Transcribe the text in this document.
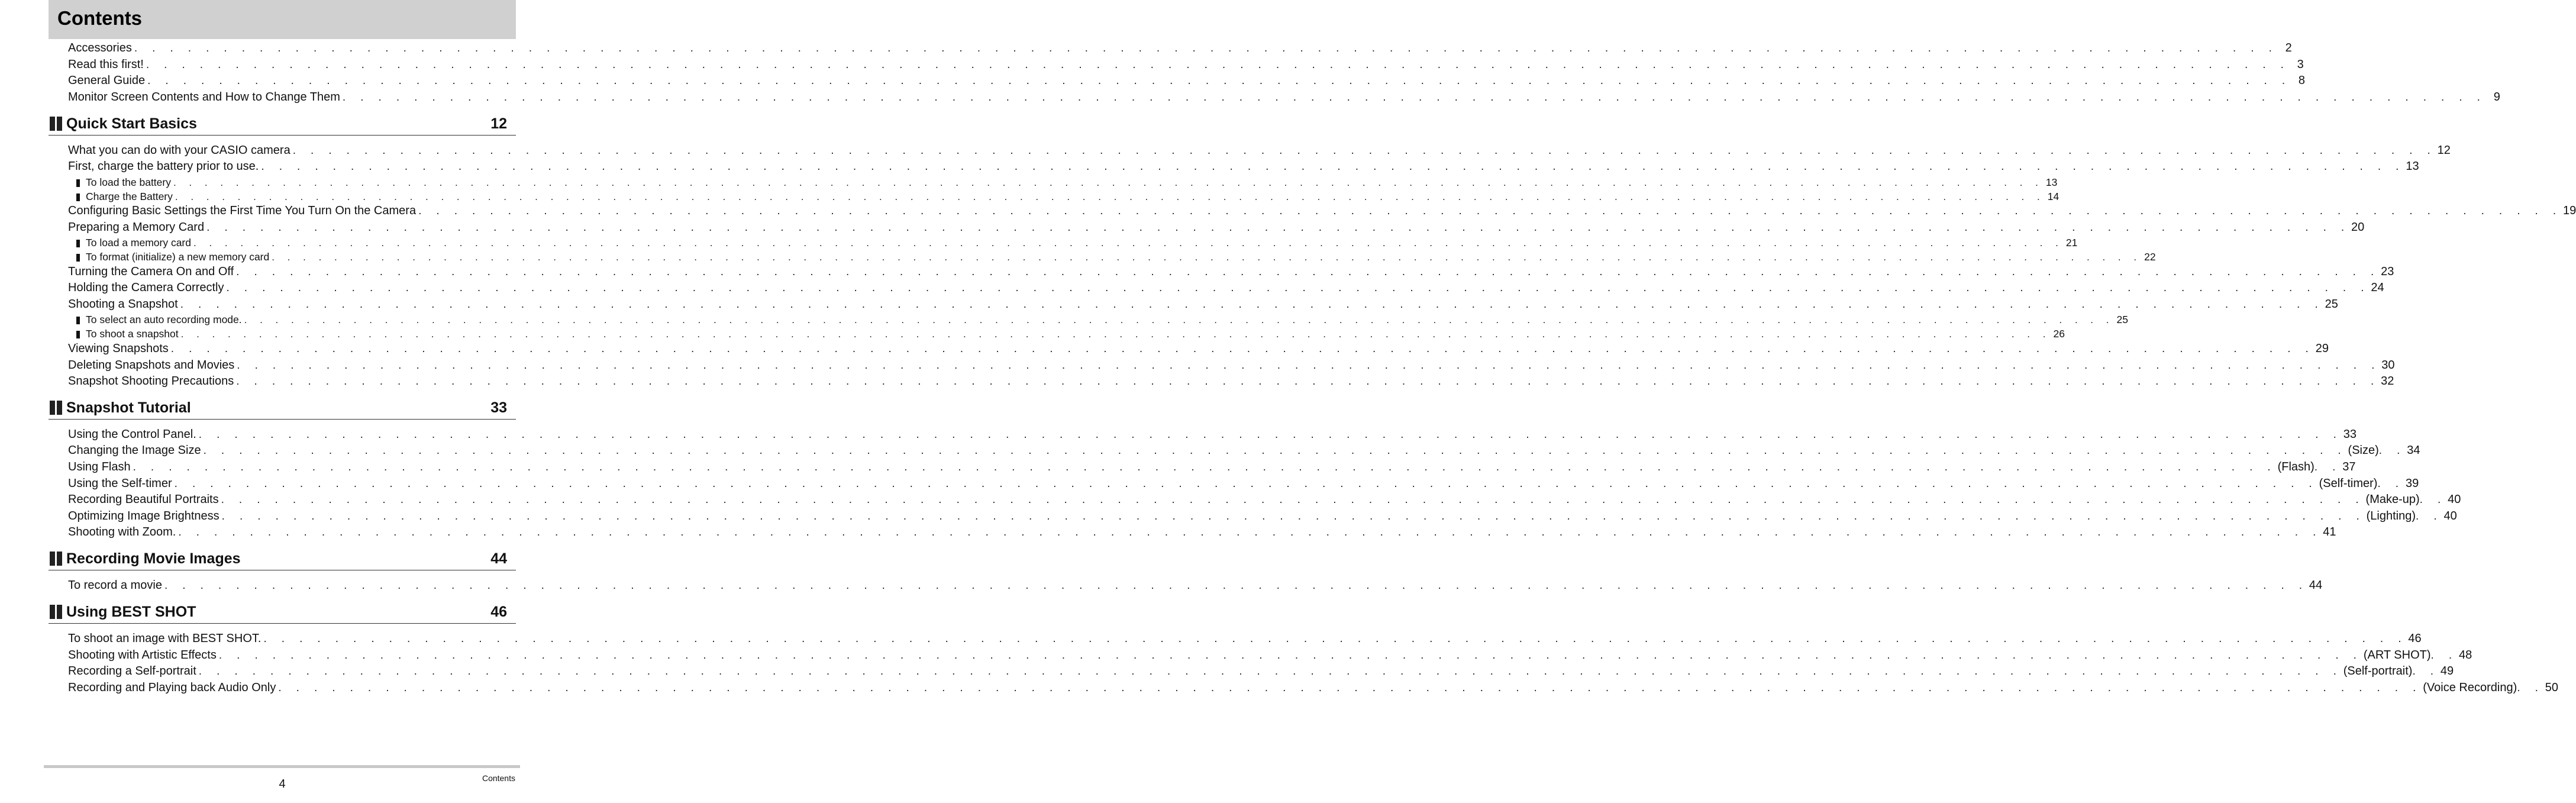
Contents
Accessories . . . . . . . . . . . . . . . . . . . . . . . . . . . . . . . . . . . . . . . . . . . . . . . . . . . . . . . . . . . . . . . . . . . . . . . . . . . . . . . . . . . . . . . . . . . . . . . . . . . . . . . . . . . . . . . . . . . . . . . . 2
Read this first! . . . . . . . . . . . . . . . . . . . . . . . . . . . . . . . . . . . . . . . . . . . . . . . . . . . . . . . . . . . . . . . . . . . . . . . . . . . . . . . . . . . . . . . . . . . . . . . . . . . . . . . . . . . . . . . . . . . . . . . . 3
General Guide . . . . . . . . . . . . . . . . . . . . . . . . . . . . . . . . . . . . . . . . . . . . . . . . . . . . . . . . . . . . . . . . . . . . . . . . . . . . . . . . . . . . . . . . . . . . . . . . . . . . . . . . . . . . . . . . . . . . . . . . 8
Monitor Screen Contents and How to Change Them . . . . . . . . . . . . . . . . . . . . . . . . . . . . . . . . . . . . . . . . . . . . . . . . . . . . . . . . . . . . . . . . . . . . . . . . . . . . . . . . . . . . . . . . . . . . . . . . . . . . . . . . . . . . . . . . . . . . . . . . 9
Quick Start Basics	12
What you can do with your CASIO camera . . . . . . . . . . . . . . . . . . . . . . . . . . . . . . . . . . . . . . . . . . . . . . . . . . . . . . . . . . . . . . . . . . . . . . . . . . . . . . . . . . . . . . . . . . . . . . . . . . . . . . . . . . . . . . . . . . . . . . . . 12
First, charge the battery prior to use. . . . . . . . . . . . . . . . . . . . . . . . . . . . . . . . . . . . . . . . . . . . . . . . . . . . . . . . . . . . . . . . . . . . . . . . . . . . . . . . . . . . . . . . . . . . . . . . . . . . . . . . . . . . . . . . . . . . . . . . . 13
To load the battery . . . . . . . . . . . . . . . . . . . . . . . . . . . . . . . . . . . . . . . . . . . . . . . . . . . . . . . . . . . . . . . . . . . . . . . . . . . . . . . . . . . . . . . . . . . . . . . . . . . . . . . . . . . . . . . . . . . . . . . . 13
Charge the Battery . . . . . . . . . . . . . . . . . . . . . . . . . . . . . . . . . . . . . . . . . . . . . . . . . . . . . . . . . . . . . . . . . . . . . . . . . . . . . . . . . . . . . . . . . . . . . . . . . . . . . . . . . . . . . . . . . . . . . . . . 14
Configuring Basic Settings the First Time You Turn On the Camera . . . . . . . . . . . . . . . . . . . . . . . . . . . . . . . . . . . . . . . . . . . . . . . . . . . . . . . . . . . . . . . . . . . . . . . . . . . . . . . . . . . . . . . . . . . . . . . . . . . . . . . . . . . . . . . . . . . . . . . . 19
Preparing a Memory Card . . . . . . . . . . . . . . . . . . . . . . . . . . . . . . . . . . . . . . . . . . . . . . . . . . . . . . . . . . . . . . . . . . . . . . . . . . . . . . . . . . . . . . . . . . . . . . . . . . . . . . . . . . . . . . . . . . . . . . . . 20
To load a memory card . . . . . . . . . . . . . . . . . . . . . . . . . . . . . . . . . . . . . . . . . . . . . . . . . . . . . . . . . . . . . . . . . . . . . . . . . . . . . . . . . . . . . . . . . . . . . . . . . . . . . . . . . . . . . . . . . . . . . . . . 21
To format (initialize) a new memory card . . . . . . . . . . . . . . . . . . . . . . . . . . . . . . . . . . . . . . . . . . . . . . . . . . . . . . . . . . . . . . . . . . . . . . . . . . . . . . . . . . . . . . . . . . . . . . . . . . . . . . . . . . . . . . . . . . . . . . . . 22
Turning the Camera On and Off . . . . . . . . . . . . . . . . . . . . . . . . . . . . . . . . . . . . . . . . . . . . . . . . . . . . . . . . . . . . . . . . . . . . . . . . . . . . . . . . . . . . . . . . . . . . . . . . . . . . . . . . . . . . . . . . . . . . . . . . 23
Holding the Camera Correctly . . . . . . . . . . . . . . . . . . . . . . . . . . . . . . . . . . . . . . . . . . . . . . . . . . . . . . . . . . . . . . . . . . . . . . . . . . . . . . . . . . . . . . . . . . . . . . . . . . . . . . . . . . . . . . . . . . . . . . . . 24
Shooting a Snapshot . . . . . . . . . . . . . . . . . . . . . . . . . . . . . . . . . . . . . . . . . . . . . . . . . . . . . . . . . . . . . . . . . . . . . . . . . . . . . . . . . . . . . . . . . . . . . . . . . . . . . . . . . . . . . . . . . . . . . . . . 25
To select an auto recording mode. . . . . . . . . . . . . . . . . . . . . . . . . . . . . . . . . . . . . . . . . . . . . . . . . . . . . . . . . . . . . . . . . . . . . . . . . . . . . . . . . . . . . . . . . . . . . . . . . . . . . . . . . . . . . . . . . . . . . . . . . 25
To shoot a snapshot . . . . . . . . . . . . . . . . . . . . . . . . . . . . . . . . . . . . . . . . . . . . . . . . . . . . . . . . . . . . . . . . . . . . . . . . . . . . . . . . . . . . . . . . . . . . . . . . . . . . . . . . . . . . . . . . . . . . . . . . 26
Viewing Snapshots . . . . . . . . . . . . . . . . . . . . . . . . . . . . . . . . . . . . . . . . . . . . . . . . . . . . . . . . . . . . . . . . . . . . . . . . . . . . . . . . . . . . . . . . . . . . . . . . . . . . . . . . . . . . . . . . . . . . . . . . 29
Deleting Snapshots and Movies . . . . . . . . . . . . . . . . . . . . . . . . . . . . . . . . . . . . . . . . . . . . . . . . . . . . . . . . . . . . . . . . . . . . . . . . . . . . . . . . . . . . . . . . . . . . . . . . . . . . . . . . . . . . . . . . . . . . . . . . 30
Snapshot Shooting Precautions . . . . . . . . . . . . . . . . . . . . . . . . . . . . . . . . . . . . . . . . . . . . . . . . . . . . . . . . . . . . . . . . . . . . . . . . . . . . . . . . . . . . . . . . . . . . . . . . . . . . . . . . . . . . . . . . . . . . . . . . 32
Snapshot Tutorial	33
Using the Control Panel. . . . . . . . . . . . . . . . . . . . . . . . . . . . . . . . . . . . . . . . . . . . . . . . . . . . . . . . . . . . . . . . . . . . . . . . . . . . . . . . . . . . . . . . . . . . . . . . . . . . . . . . . . . . . . . . . . . . . . . . . 33
Changing the Image Size . . . . . . . . . . . . . . . . . . . . . . . . . . . . . . . . . . . . . . . . . . . . . . . . . . . . . . . . . . . . . . . . . . . . . . . . . . . . . . . . . . . . . . . . . . . . . . . . . . . . . . . . . . . . . . . . . . . . . . . . (Size) . . 34
Using Flash . . . . . . . . . . . . . . . . . . . . . . . . . . . . . . . . . . . . . . . . . . . . . . . . . . . . . . . . . . . . . . . . . . . . . . . . . . . . . . . . . . . . . . . . . . . . . . . . . . . . . . . . . . . . . . . . . . . . . . . . (Flash) . . 37
Using the Self-timer . . . . . . . . . . . . . . . . . . . . . . . . . . . . . . . . . . . . . . . . . . . . . . . . . . . . . . . . . . . . . . . . . . . . . . . . . . . . . . . . . . . . . . . . . . . . . . . . . . . . . . . . . . . . . . . . . . . . . . . . (Self-timer) . . 39
Recording Beautiful Portraits . . . . . . . . . . . . . . . . . . . . . . . . . . . . . . . . . . . . . . . . . . . . . . . . . . . . . . . . . . . . . . . . . . . . . . . . . . . . . . . . . . . . . . . . . . . . . . . . . . . . . . . . . . . . . . . . . . . . . . . . (Make-up) . . 40
Optimizing Image Brightness . . . . . . . . . . . . . . . . . . . . . . . . . . . . . . . . . . . . . . . . . . . . . . . . . . . . . . . . . . . . . . . . . . . . . . . . . . . . . . . . . . . . . . . . . . . . . . . . . . . . . . . . . . . . . . . . . . . . . . . . (Lighting) . . 40
Shooting with Zoom. . . . . . . . . . . . . . . . . . . . . . . . . . . . . . . . . . . . . . . . . . . . . . . . . . . . . . . . . . . . . . . . . . . . . . . . . . . . . . . . . . . . . . . . . . . . . . . . . . . . . . . . . . . . . . . . . . . . . . . . . 41
Recording Movie Images	44
To record a movie . . . . . . . . . . . . . . . . . . . . . . . . . . . . . . . . . . . . . . . . . . . . . . . . . . . . . . . . . . . . . . . . . . . . . . . . . . . . . . . . . . . . . . . . . . . . . . . . . . . . . . . . . . . . . . . . . . . . . . . . 44
Using BEST SHOT	46
To shoot an image with BEST SHOT. . . . . . . . . . . . . . . . . . . . . . . . . . . . . . . . . . . . . . . . . . . . . . . . . . . . . . . . . . . . . . . . . . . . . . . . . . . . . . . . . . . . . . . . . . . . . . . . . . . . . . . . . . . . . . . . . . . . . . . . . 46
Shooting with Artistic Effects . . . . . . . . . . . . . . . . . . . . . . . . . . . . . . . . . . . . . . . . . . . . . . . . . . . . . . . . . . . . . . . . . . . . . . . . . . . . . . . . . . . . . . . . . . . . . . . . . . . . . . . . . . . . . . . . . . . . . . . . (ART SHOT) . . 48
Recording a Self-portrait . . . . . . . . . . . . . . . . . . . . . . . . . . . . . . . . . . . . . . . . . . . . . . . . . . . . . . . . . . . . . . . . . . . . . . . . . . . . . . . . . . . . . . . . . . . . . . . . . . . . . . . . . . . . . . . . . . . . . . . . (Self-portrait) . . 49
Recording and Playing back Audio Only . . . . . . . . . . . . . . . . . . . . . . . . . . . . . . . . . . . . . . . . . . . . . . . . . . . . . . . . . . . . . . . . . . . . . . . . . . . . . . . . . . . . . . . . . . . . . . . . . . . . . . . . . . . . . . . . . . . . . . . . (Voice Recording) . . 50
4	Contents
